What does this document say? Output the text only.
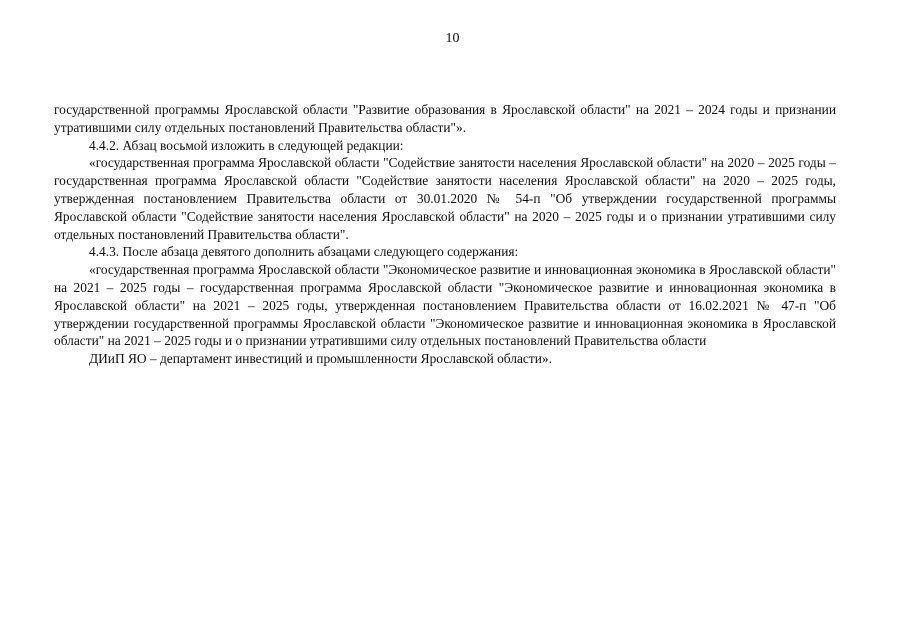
10

государственной программы Ярославской области "Развитие образования в Ярославской области" на 2021 – 2024 годы и признании утратившими силу отдельных постановлений Правительства области"».

4.4.2. Абзац восьмой изложить в следующей редакции:

«государственная программа Ярославской области "Содействие занятости населения Ярославской области" на 2020 – 2025 годы – государственная программа Ярославской области "Содействие занятости населения Ярославской области" на 2020 – 2025 годы, утвержденная постановлением Правительства области от 30.01.2020 № 54-п "Об утверждении государственной программы Ярославской области "Содействие занятости населения Ярославской области" на 2020 – 2025 годы и о признании утратившими силу отдельных постановлений Правительства области".

4.4.3. После абзаца девятого дополнить абзацами следующего содержания:

«государственная программа Ярославской области "Экономическое развитие и инновационная экономика в Ярославской области" на 2021 – 2025 годы – государственная программа Ярославской области "Экономическое развитие и инновационная экономика в Ярославской области" на 2021 – 2025 годы, утвержденная постановлением Правительства области от 16.02.2021 № 47-п "Об утверждении государственной программы Ярославской области "Экономическое развитие и инновационная экономика в Ярославской области" на 2021 – 2025 годы и о признании утратившими силу отдельных постановлений Правительства области

ДИиП ЯО – департамент инвестиций и промышленности Ярославской области».
